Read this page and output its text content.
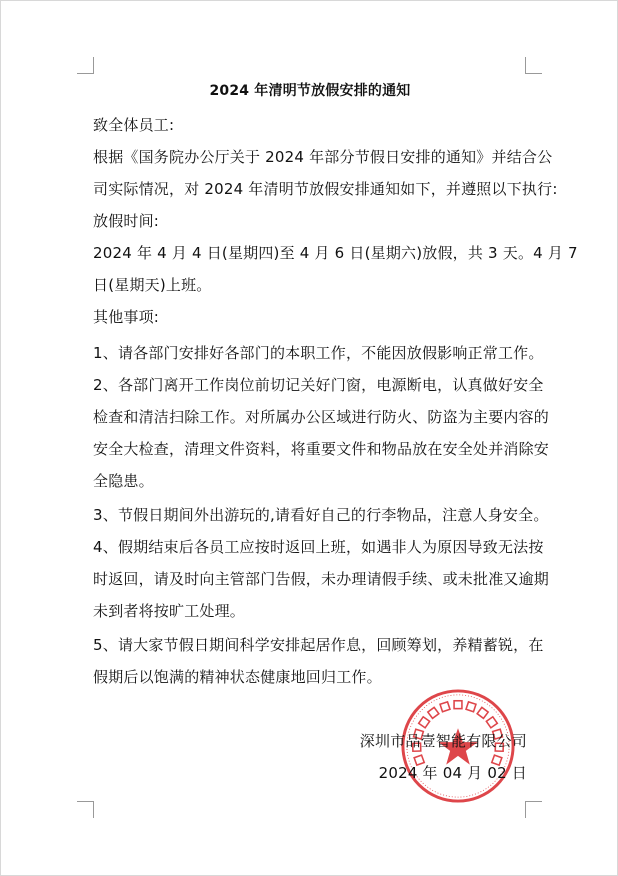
2024 年清明节放假安排的通知
致全体员工:
根据《国务院办公厅关于 2024 年部分节假日安排的通知》并结合公
司实际情况，对 2024 年清明节放假安排通知如下，并遵照以下执行:
放假时间:
2024 年 4 月 4 日(星期四)至 4 月 6 日(星期六)放假，共 3 天。4 月 7
日(星期天)上班。
其他事项:
1、请各部门安排好各部门的本职工作，不能因放假影响正常工作。
2、各部门离开工作岗位前切记关好门窗，电源断电，认真做好安全
检查和清洁扫除工作。对所属办公区域进行防火、防盗为主要内容的
安全大检查，清理文件资料，将重要文件和物品放在安全处并消除安
全隐患。
3、节假日期间外出游玩的,请看好自己的行李物品，注意人身安全。
4、假期结束后各员工应按时返回上班，如遇非人为原因导致无法按
时返回，请及时向主管部门告假，未办理请假手续、或未批准又逾期
未到者将按旷工处理。
5、请大家节假日期间科学安排起居作息，回顾筹划，养精蓄锐，在
假期后以饱满的精神状态健康地回归工作。
深圳市品壹智能有限公司
2024 年 04 月 02 日
